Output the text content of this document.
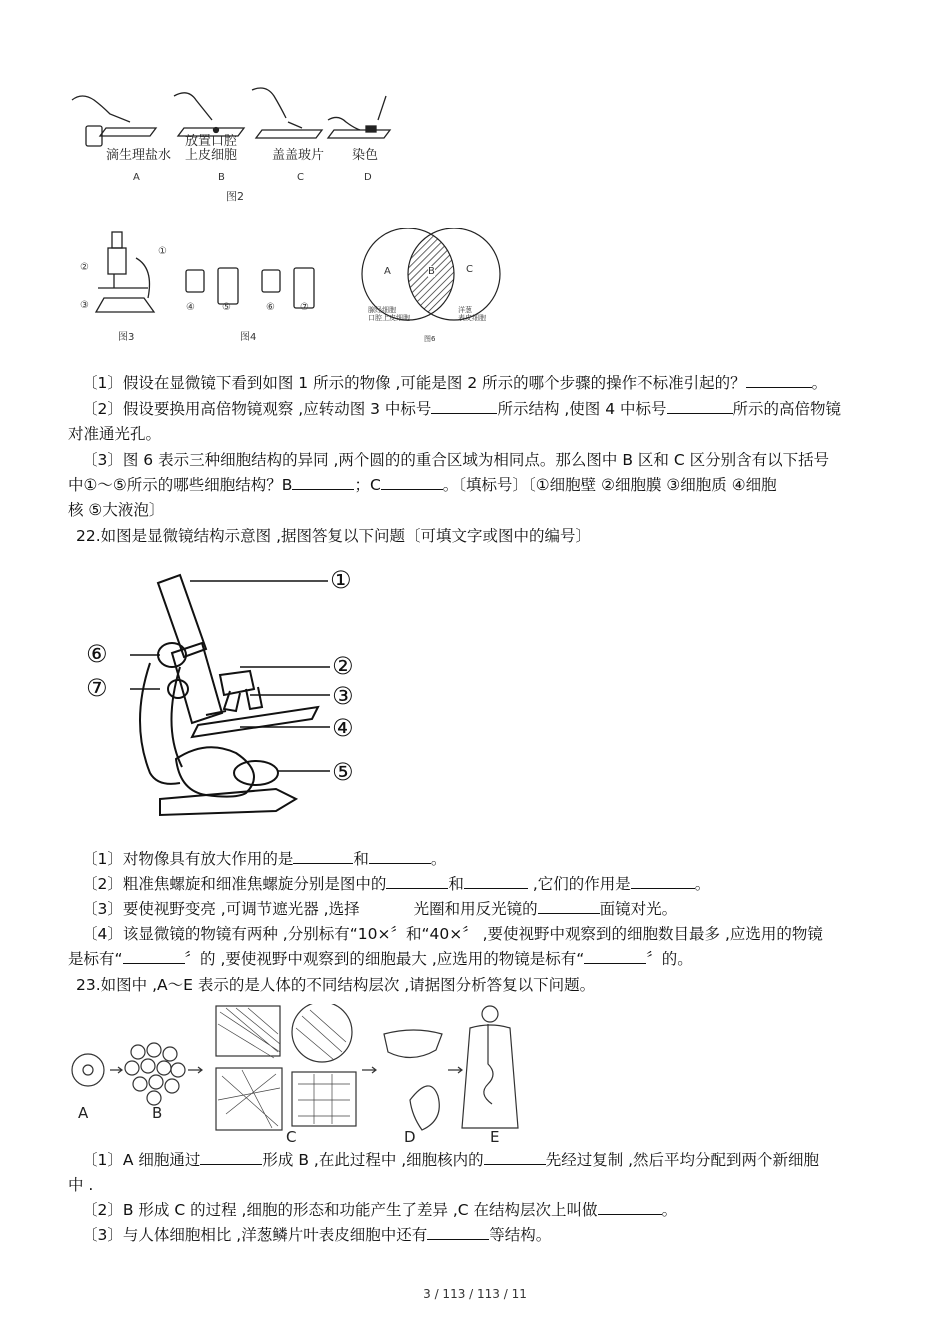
滴生理盐水
放置口腔
上皮细胞	盖盖玻片 染色
A	B	C	D
图2
①
②
③
图3
④	⑤	⑥	⑦
图4
A	B	C
腺经细胞
口腔上皮细胞
洋葱
表皮细胞
图6
〔1〕假设在显微镜下看到如图 1 所示的物像 ,可能是图 2 所示的哪个步骤的操作不标准引起的？	。
〔2〕假设要换用高倍物镜观察 ,应转动图 3 中标号	所示结构 ,使图 4 中标号	所示的高倍物镜
对准通光孔。
〔3〕图 6 表示三种细胞结构的异同 ,两个圆的的重合区域为相同点。那么图中 B 区和 C 区分别含有以下括号
中①～⑤所示的哪些细胞结构？B	；C	。〔填标号〕〔①细胞壁 ②细胞膜 ③细胞质 ④细胞
核 ⑤大液泡〕
22.如图是显微镜结构示意图 ,据图答复以下问题〔可填文字或图中的编号〕
①
②
③
④
⑤
⑥
⑦
〔1〕对物像具有放大作用的是	和	。
〔2〕粗准焦螺旋和细准焦螺旋分别是图中的	和	,它们的作用是	。
〔3〕要使视野变亮 ,可调节遮光器 ,选择	光圈和用反光镜的	面镜对光。
〔4〕该显微镜的物镜有两种 ,分别标有“10×〞和“40×〞 ,要使视野中观察到的细胞数目最多 ,应选用的物镜
是标有“	〞的 ,要使视野中观察到的细胞最大 ,应选用的物镜是标有“	〞的。
23.如图中 ,A～E 表示的是人体的不同结构层次 ,请据图分析答复以下问题。
A	B
C	D	E
〔1〕A 细胞通过	形成 B ,在此过程中 ,细胞核内的	先经过复制 ,然后平均分配到两个新细胞
中 .
〔2〕B 形成 C 的过程 ,细胞的形态和功能产生了差异 ,C 在结构层次上叫做	。
〔3〕与人体细胞相比 ,洋葱鳞片叶表皮细胞中还有	等结构。
3 / 113 / 113 / 11
